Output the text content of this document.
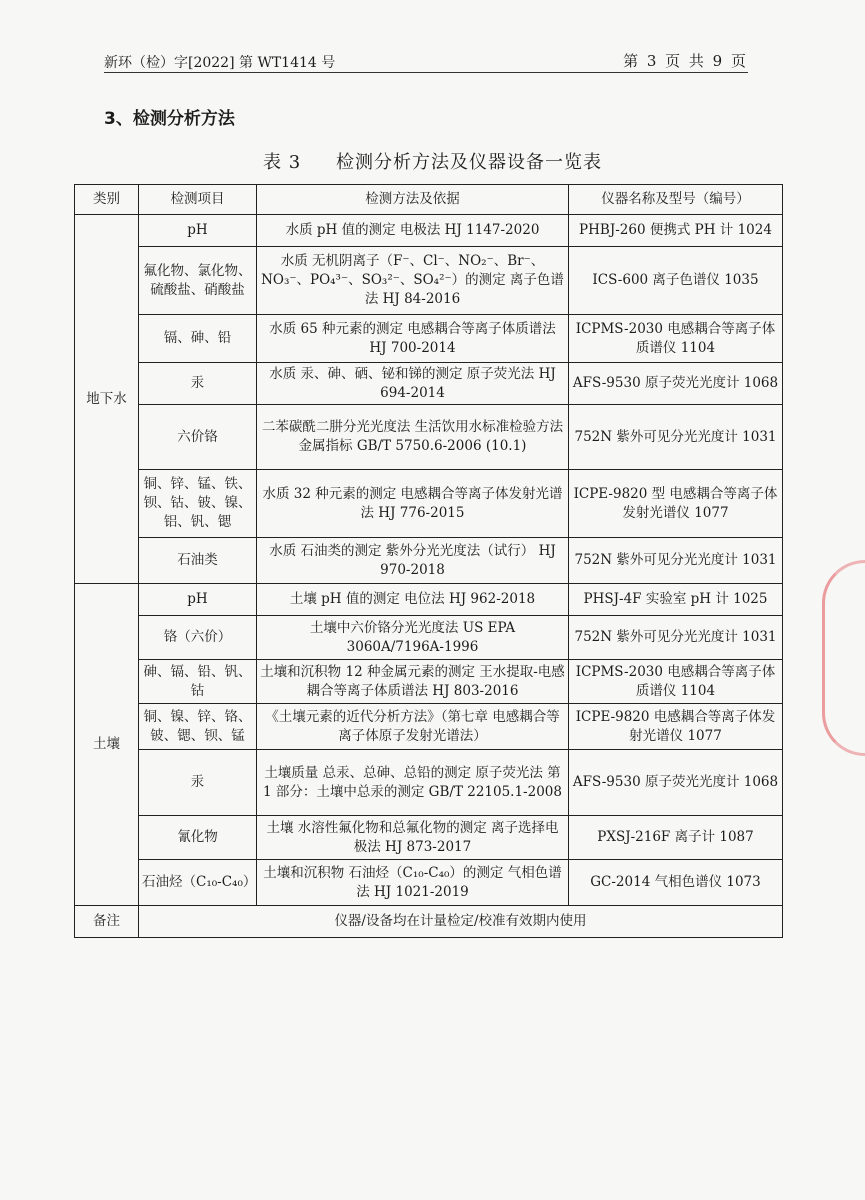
新环（检）字[2022] 第 WT1414 号	第 3 页 共 9 页
3、检测分析方法
表 3 检测分析方法及仪器设备一览表
类别	检测项目	检测方法及依据	仪器名称及型号（编号）
地下水	pH	水质 pH 值的测定 电极法 HJ 1147-2020	PHBJ-260 便携式 PH 计 1024
	氟化物、氯化物、硫酸盐、硝酸盐	水质 无机阴离子（F⁻、Cl⁻、NO₂⁻、Br⁻、NO₃⁻、PO₄³⁻、SO₃²⁻、SO₄²⁻）的测定 离子色谱法 HJ 84-2016	ICS-600 离子色谱仪 1035
	镉、砷、铅	水质 65 种元素的测定 电感耦合等离子体质谱法 HJ 700-2014	ICPMS-2030 电感耦合等离子体质谱仪 1104
	汞	水质 汞、砷、硒、铋和锑的测定 原子荧光法 HJ 694-2014	AFS-9530 原子荧光光度计 1068
	六价铬	二苯碳酰二肼分光光度法 生活饮用水标准检验方法 金属指标 GB/T 5750.6-2006 (10.1)	752N 紫外可见分光光度计 1031
	铜、锌、锰、铁、钡、钴、铍、镍、铝、钒、锶	水质 32 种元素的测定 电感耦合等离子体发射光谱法 HJ 776-2015	ICPE-9820 型 电感耦合等离子体发射光谱仪 1077
	石油类	水质 石油类的测定 紫外分光光度法（试行） HJ 970-2018	752N 紫外可见分光光度计 1031
土壤	pH	土壤 pH 值的测定 电位法 HJ 962-2018	PHSJ-4F 实验室 pH 计 1025
	铬（六价）	土壤中六价铬分光光度法 US EPA 3060A/7196A-1996	752N 紫外可见分光光度计 1031
	砷、镉、铅、钒、钴	土壤和沉积物 12 种金属元素的测定 王水提取-电感耦合等离子体质谱法 HJ 803-2016	ICPMS-2030 电感耦合等离子体质谱仪 1104
	铜、镍、锌、铬、铍、锶、钡、锰	《土壤元素的近代分析方法》（第七章 电感耦合等离子体原子发射光谱法）	ICPE-9820 电感耦合等离子体发射光谱仪 1077
	汞	土壤质量 总汞、总砷、总铅的测定 原子荧光法 第 1 部分：土壤中总汞的测定 GB/T 22105.1-2008	AFS-9530 原子荧光光度计 1068
	氰化物	土壤 水溶性氟化物和总氟化物的测定 离子选择电极法 HJ 873-2017	PXSJ-216F 离子计 1087
	石油烃（C₁₀-C₄₀）	土壤和沉积物 石油烃（C₁₀-C₄₀）的测定 气相色谱法 HJ 1021-2019	GC-2014 气相色谱仪 1073
备注	仪器/设备均在计量检定/校准有效期内使用		
